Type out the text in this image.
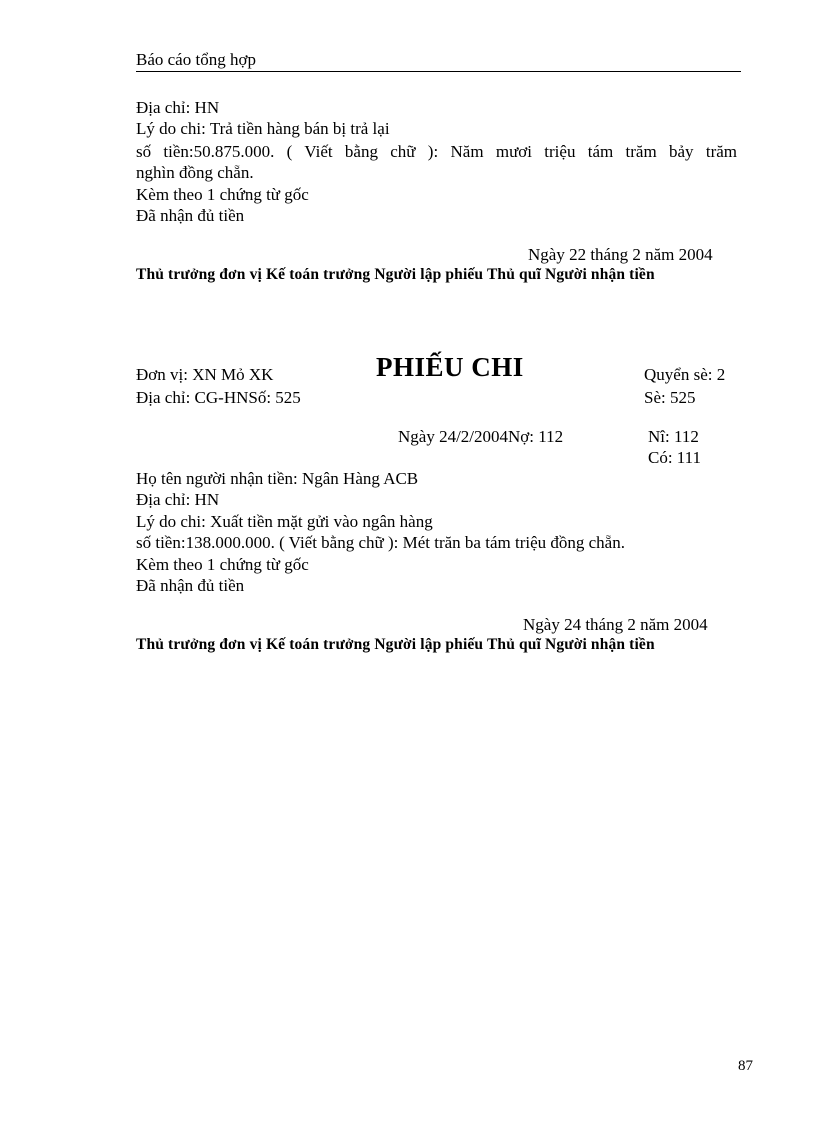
Báo cáo tổng hợp
Địa chỉ: HN
Lý do chi: Trả tiền hàng bán bị trả lại
số tiền:50.875.000. ( Viết bằng chữ ): Năm mươi triệu tám trăm bảy trăm
nghìn đồng chẵn.
Kèm theo 1 chứng từ gốc
Đã nhận đủ tiền
Ngày 22 tháng 2 năm 2004
Thủ trưởng đơn vị Kế toán trưởng Người lập phiếu Thủ quĩ Người nhận tiền
Đơn vị: XN Mỏ XK	PHIẾU CHI	Quyển sè: 2
Địa chỉ: CG-HNSố: 525	Sè: 525
Ngày 24/2/2004Nợ: 112	Nî: 112
Có: 111
Họ tên người nhận tiền: Ngân Hàng ACB
Địa chỉ: HN
Lý do chi: Xuất tiền mặt gửi vào ngân hàng
số tiền:138.000.000. ( Viết bằng chữ ): Mét trăn ba tám triệu đồng chẵn.
Kèm theo 1 chứng từ gốc
Đã nhận đủ tiền
Ngày 24 tháng 2 năm 2004
Thủ trưởng đơn vị Kế toán trưởng Người lập phiếu Thủ quĩ Người nhận tiền
87
